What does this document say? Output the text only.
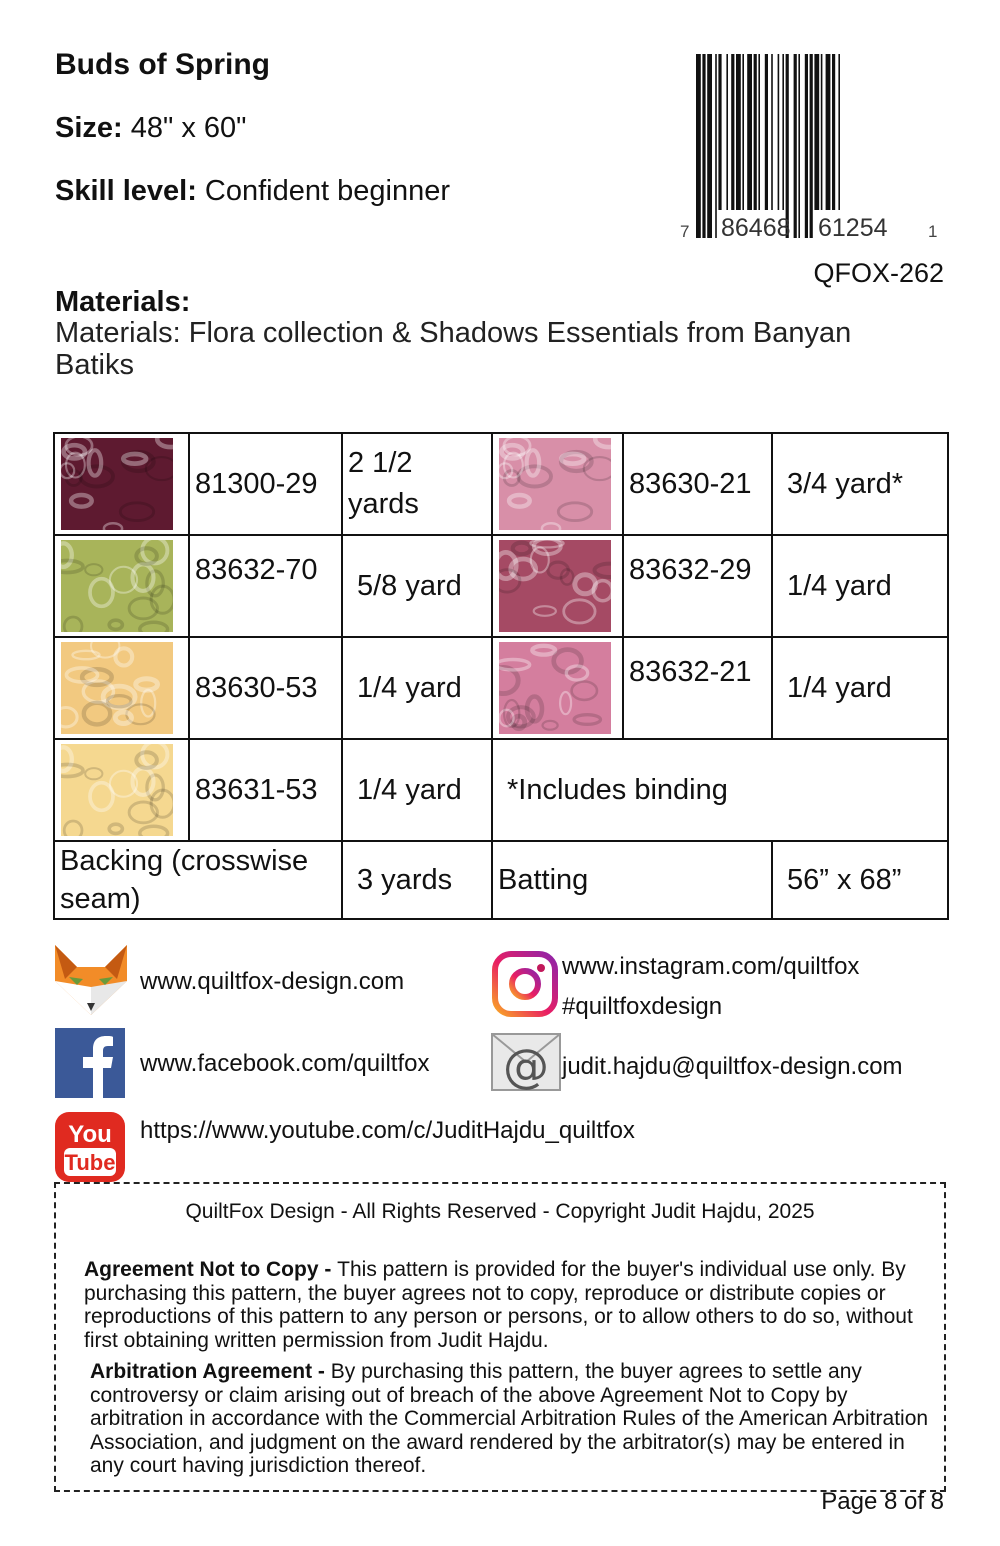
Buds of Spring
Size: 48" x 60"
Skill level: Confident beginner
7 86468 61254 1
QFOX-262
Materials:
Materials: Flora collection & Shadows Essentials from Banyan Batiks
	81300-29	2 1/2 yards		83630-21	3/4 yard*

	83632-70	5/8 yard		83632-29	1/4 yard

	83630-53	1/4 yard		83632-21	1/4 yard

	83631-53	1/4 yard	*Includes binding		
Backing (crosswise seam)		3 yards	Batting		56” x 68”
www.quiltfox-design.com
www.instagram.com/quiltfox
#quiltfoxdesign
www.facebook.com/quiltfox @ judit.hajdu@quiltfox-design.com
You
Tube
https://www.youtube.com/c/JuditHajdu_quiltfox
QuiltFox Design - All Rights Reserved - Copyright Judit Hajdu, 2025
Agreement Not to Copy - This pattern is provided for the buyer's individual use only. By purchasing this pattern, the buyer agrees not to copy, reproduce or distribute copies or reproductions of this pattern to any person or persons, or to allow others to do so, without first obtaining written permission from Judit Hajdu.
Arbitration Agreement - By purchasing this pattern, the buyer agrees to settle any controversy or claim arising out of breach of the above Agreement Not to Copy by arbitration in accordance with the Commercial Arbitration Rules of the American Arbitration Association, and judgment on the award rendered by the arbitrator(s) may be entered in any court having jurisdiction thereof.
Page 8 of 8
